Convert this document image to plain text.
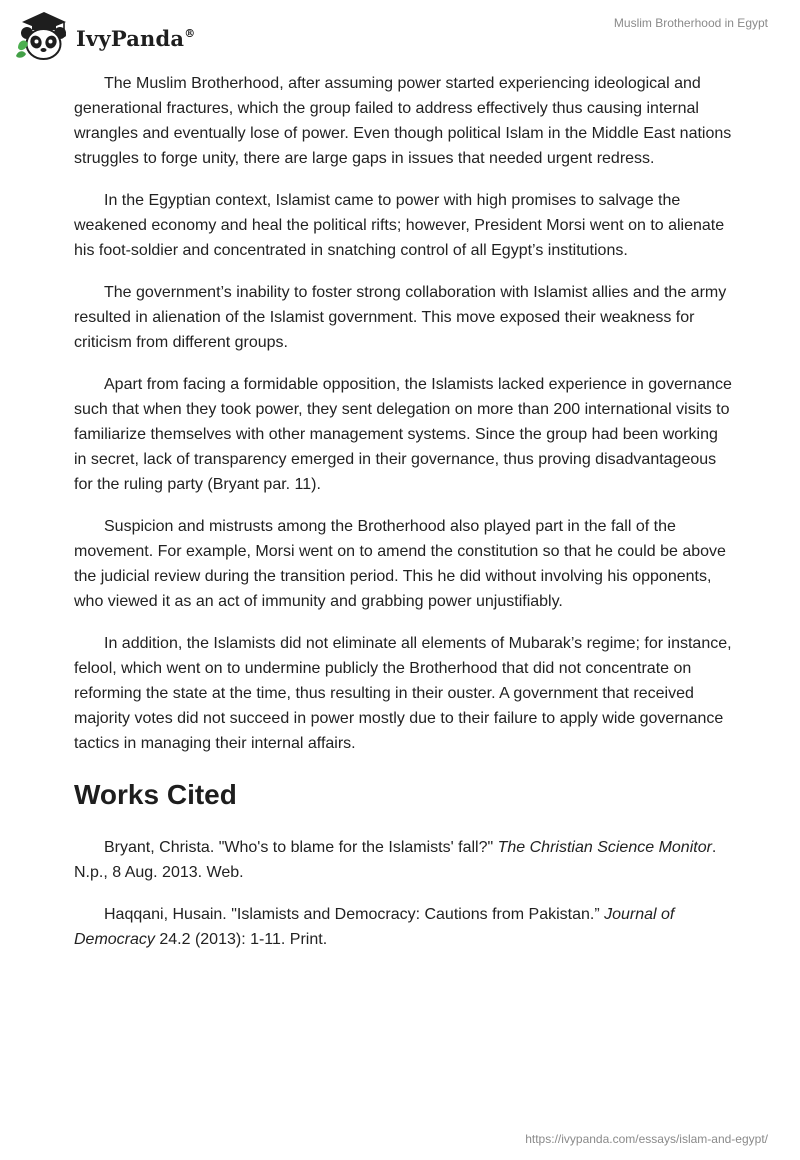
IvyPanda®
Muslim Brotherhood in Egypt

The Muslim Brotherhood, after assuming power started experiencing ideological and generational fractures, which the group failed to address effectively thus causing internal wrangles and eventually lose of power. Even though political Islam in the Middle East nations struggles to forge unity, there are large gaps in issues that needed urgent redress.

In the Egyptian context, Islamist came to power with high promises to salvage the weakened economy and heal the political rifts; however, President Morsi went on to alienate his foot-soldier and concentrated in snatching control of all Egypt’s institutions.

The government’s inability to foster strong collaboration with Islamist allies and the army resulted in alienation of the Islamist government. This move exposed their weakness for criticism from different groups.

Apart from facing a formidable opposition, the Islamists lacked experience in governance such that when they took power, they sent delegation on more than 200 international visits to familiarize themselves with other management systems. Since the group had been working in secret, lack of transparency emerged in their governance, thus proving disadvantageous for the ruling party (Bryant par. 11).

Suspicion and mistrusts among the Brotherhood also played part in the fall of the movement. For example, Morsi went on to amend the constitution so that he could be above the judicial review during the transition period. This he did without involving his opponents, who viewed it as an act of immunity and grabbing power unjustifiably.

In addition, the Islamists did not eliminate all elements of Mubarak’s regime; for instance, felool, which went on to undermine publicly the Brotherhood that did not concentrate on reforming the state at the time, thus resulting in their ouster. A government that received majority votes did not succeed in power mostly due to their failure to apply wide governance tactics in managing their internal affairs.

Works Cited

Bryant, Christa. "Who's to blame for the Islamists' fall?" The Christian Science Monitor. N.p., 8 Aug. 2013. Web.

Haqqani, Husain. "Islamists and Democracy: Cautions from Pakistan.” Journal of Democracy 24.2 (2013): 1-11. Print.

https://ivypanda.com/essays/islam-and-egypt/
